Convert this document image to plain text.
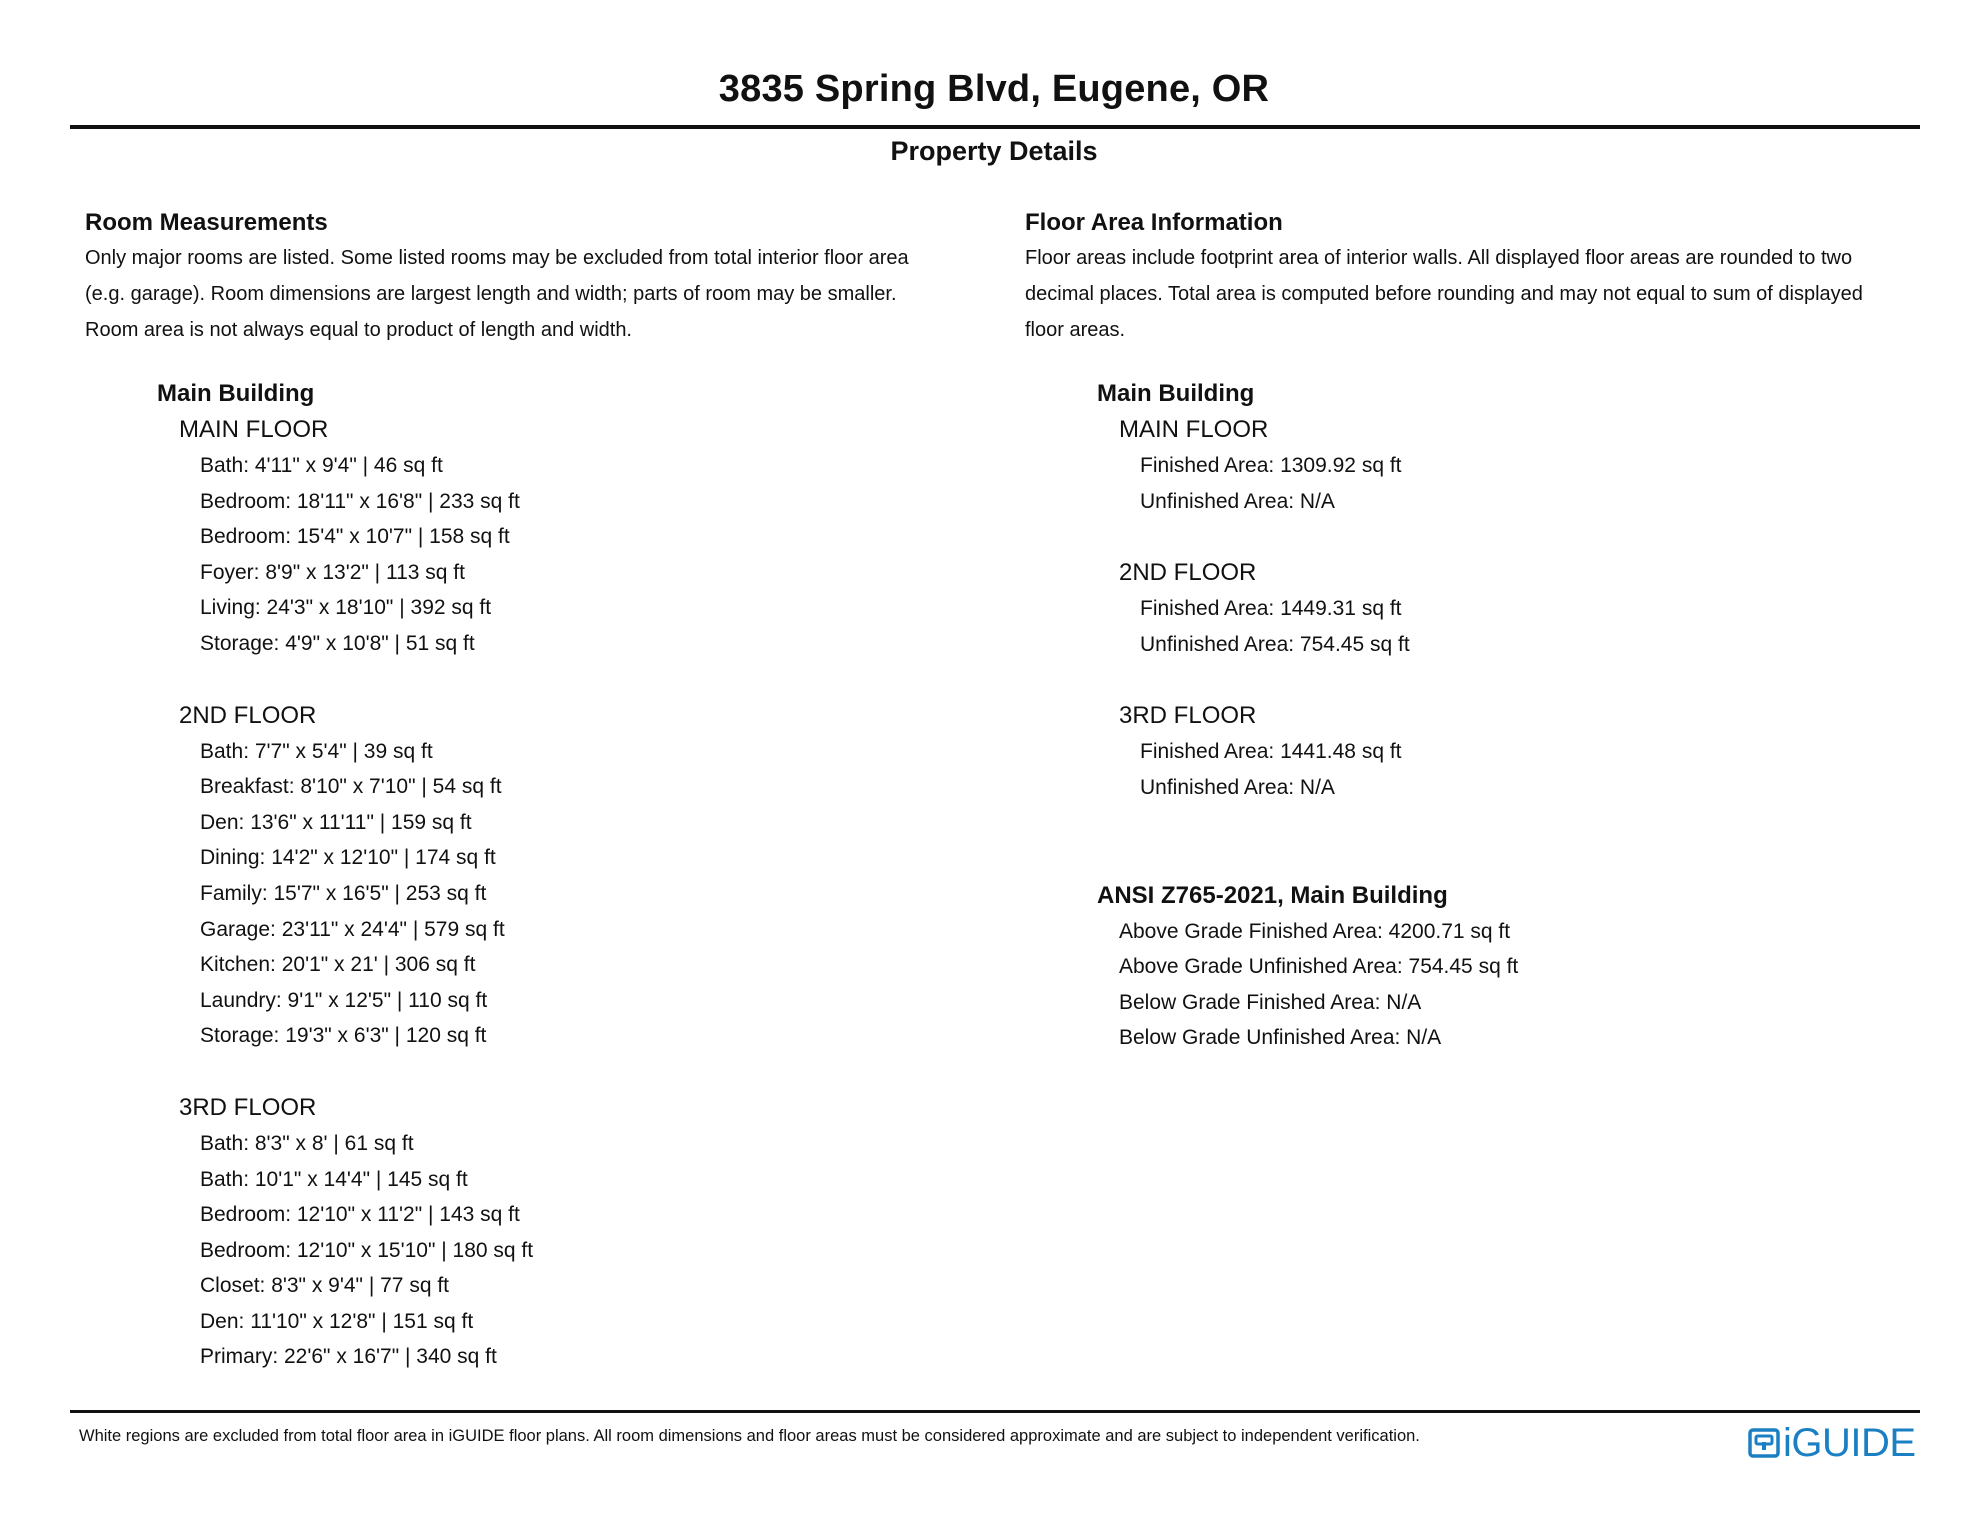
3835 Spring Blvd, Eugene, OR
Property Details

Room Measurements

Only major rooms are listed. Some listed rooms may be excluded from total interior floor area

(e.g. garage). Room dimensions are largest length and width; parts of room may be smaller.

Room area is not always equal to product of length and width.

Main Building
MAIN FLOOR
Bath: 4'11" x 9'4" | 46 sq ft
Bedroom: 18'11" x 16'8" | 233 sq ft
Bedroom: 15'4" x 10'7" | 158 sq ft
Foyer: 8'9" x 13'2" | 113 sq ft
Living: 24'3" x 18'10" | 392 sq ft
Storage: 4'9" x 10'8" | 51 sq ft
2ND FLOOR
Bath: 7'7" x 5'4" | 39 sq ft
Breakfast: 8'10" x 7'10" | 54 sq ft
Den: 13'6" x 11'11" | 159 sq ft
Dining: 14'2" x 12'10" | 174 sq ft
Family: 15'7" x 16'5" | 253 sq ft
Garage: 23'11" x 24'4" | 579 sq ft
Kitchen: 20'1" x 21' | 306 sq ft
Laundry: 9'1" x 12'5" | 110 sq ft
Storage: 19'3" x 6'3" | 120 sq ft
3RD FLOOR
Bath: 8'3" x 8' | 61 sq ft
Bath: 10'1" x 14'4" | 145 sq ft
Bedroom: 12'10" x 11'2" | 143 sq ft
Bedroom: 12'10" x 15'10" | 180 sq ft
Closet: 8'3" x 9'4" | 77 sq ft
Den: 11'10" x 12'8" | 151 sq ft
Primary: 22'6" x 16'7" | 340 sq ft

Floor Area Information

Floor areas include footprint area of interior walls. All displayed floor areas are rounded to two

decimal places. Total area is computed before rounding and may not equal to sum of displayed

floor areas.

Main Building
MAIN FLOOR
Finished Area: 1309.92 sq ft
Unfinished Area: N/A
2ND FLOOR
Finished Area: 1449.31 sq ft
Unfinished Area: 754.45 sq ft
3RD FLOOR
Finished Area: 1441.48 sq ft
Unfinished Area: N/A
ANSI Z765-2021, Main Building
Above Grade Finished Area: 4200.71 sq ft
Above Grade Unfinished Area: 754.45 sq ft
Below Grade Finished Area: N/A
Below Grade Unfinished Area: N/A
White regions are excluded from total floor area in iGUIDE floor plans. All room dimensions and floor areas must be considered approximate and are subject to independent verification.	iGUIDE
